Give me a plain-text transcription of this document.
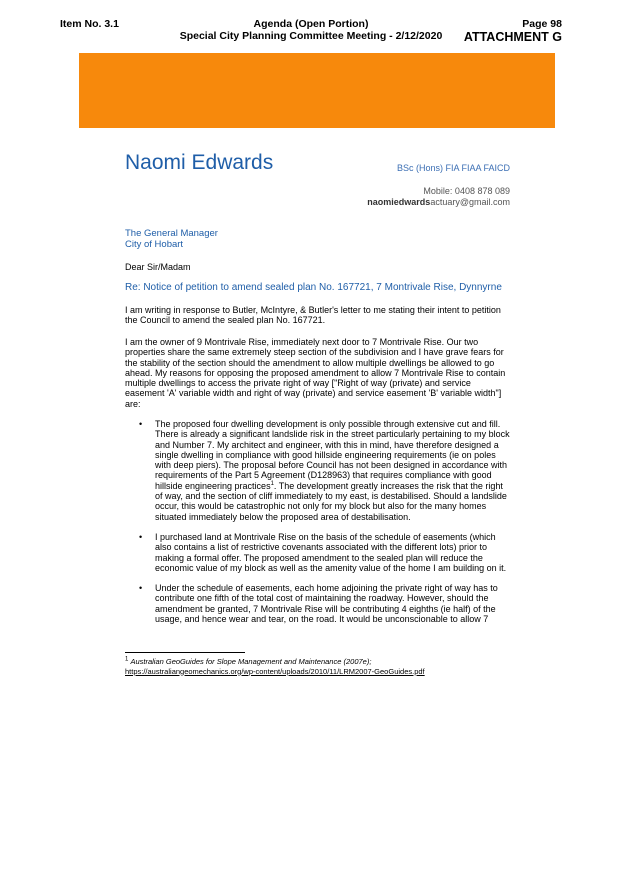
Item No. 3.1	Agenda (Open Portion)
Special City Planning Committee Meeting - 2/12/2020
Page 98
ATTACHMENT G
Naomi Edwards	BSc (Hons) FIA FIAA FAICD
Mobile: 0408 878 089
naomiedwardsactuary@gmail.com
The General Manager
City of Hobart
Dear Sir/Madam
Re: Notice of petition to amend sealed plan No. 167721, 7 Montrivale Rise, Dynnyrne
I am writing in response to Butler, McIntyre, & Butler's letter to me stating their intent to petition the Council to amend the sealed plan No. 167721.
I am the owner of 9 Montrivale Rise, immediately next door to 7 Montrivale Rise. Our two properties share the same extremely steep section of the subdivision and I have grave fears for the stability of the section should the amendment to allow multiple dwellings be allowed to go ahead. My reasons for opposing the proposed amendment to allow 7 Montrivale Rise to contain multiple dwellings to access the private right of way ["Right of way (private) and service easement 'A' variable width and right of way (private) and service easement 'B' variable width"] are:
• The proposed four dwelling development is only possible through extensive cut and fill. There is already a significant landslide risk in the street particularly pertaining to my block and Number 7. My architect and engineer, with this in mind, have therefore designed a single dwelling in compliance with good hillside engineering requirements (ie on poles with deep piers). The proposal before Council has not been designed in accordance with requirements of the Part 5 Agreement (D128963) that requires compliance with good hillside engineering practices$^1$. The development greatly increases the risk that the right of way, and the section of cliff immediately to my east, is destabilised. Should a landslide occur, this would be catastrophic not only for my block but also for the many homes situated immediately below the proposed area of destabilisation.
• I purchased land at Montrivale Rise on the basis of the schedule of easements (which also contains a list of restrictive covenants associated with the different lots) prior to making a formal offer. The proposed amendment to the sealed plan will reduce the economic value of my block as well as the amenity value of the home I am building on it.
• Under the schedule of easements, each home adjoining the private right of way has to contribute one fifth of the total cost of maintaining the roadway. However, should the amendment be granted, 7 Montrivale Rise will be contributing 4 eighths (ie half) of the usage, and hence wear and tear, on the road. It would be unconscionable to allow 7
$^1$ Australian GeoGuides for Slope Management and Maintenance (2007e);
https://australiangeomechanics.org/wp-content/uploads/2010/11/LRM2007-GeoGuides.pdf
